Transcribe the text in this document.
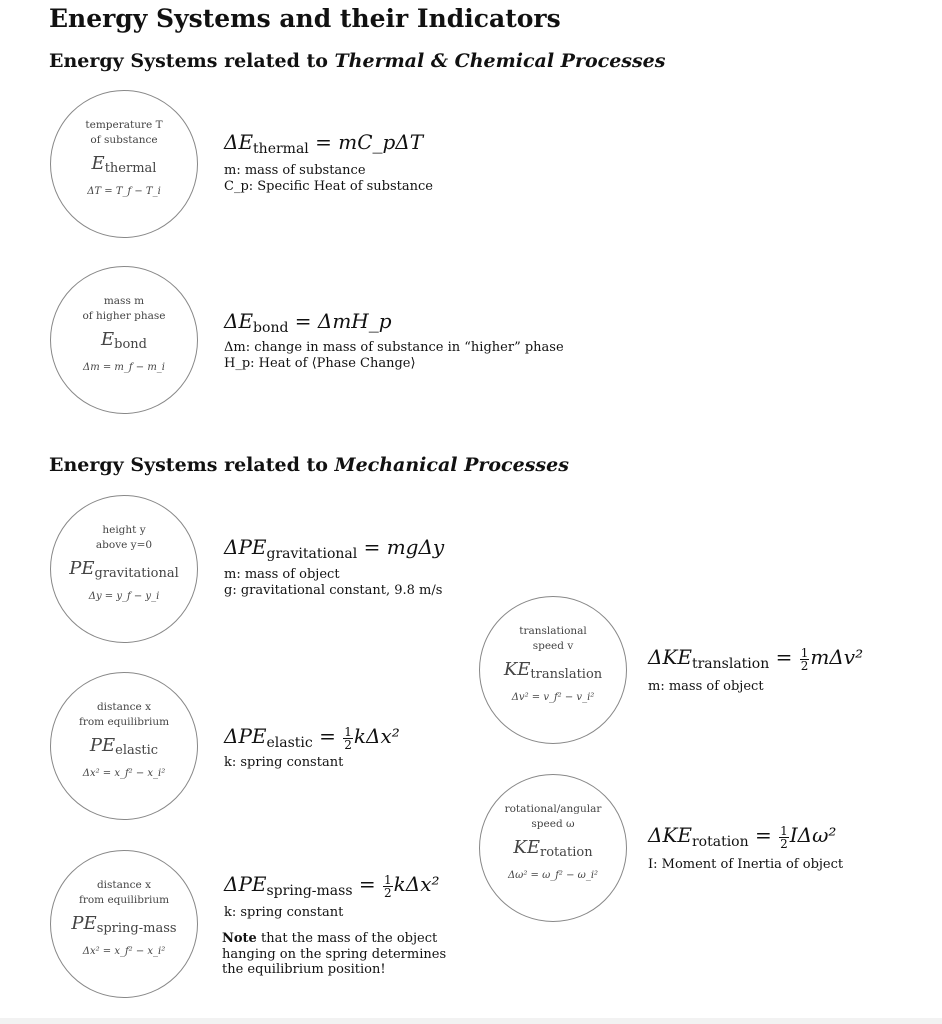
Energy Systems and their Indicators
Energy Systems related to Thermal & Chemical Processes
temperature T
of substance
$E_{thermal}$
ΔT = T_f − T_i
$\Delta E_{thermal}$ = mC_pΔT
m: mass of substance
C_p: Specific Heat of substance
mass m
of higher phase
$E_{bond}$
Δm = m_f − m_i
$\Delta E_{bond}$ = ΔmH_p
Δm: change in mass of substance in “higher” phase
H_p: Heat of ⟨Phase Change⟩
Energy Systems related to Mechanical Processes
height y
above y=0
$PE_{gravitational}$
Δy = y_f − y_i
$\Delta PE_{gravitational} = mg\Delta y$
m: mass of object
g: gravitational constant, 9.8 m/s
distance x
from equilibrium
$PE_{elastic}$
Δx² = x_f² − x_i²
$\Delta PE_{elastic} = \frac{1}{2} k\Delta x^2$
k: spring constant
distance x
from equilibrium
$PE_{spring-mass}$
Δx² = x_f² − x_i²
$\Delta PE_{spring-mass} = \frac{1}{2} k\Delta x^2$
k: spring constant
Note that the mass of the object hanging on the spring determines the equilibrium position!
translational
speed v
$KE_{translation}$
Δv² = v_f² − v_i²
$\Delta KE_{translation} = \frac{1}{2} m\Delta v^2$
m: mass of object
rotational/angular
speed ω
$KE_{rotation}$
Δω² = ω_f² − ω_i²
$\Delta KE_{rotation} = \frac{1}{2} I\Delta\omega^2$
I: Moment of Inertia of object
